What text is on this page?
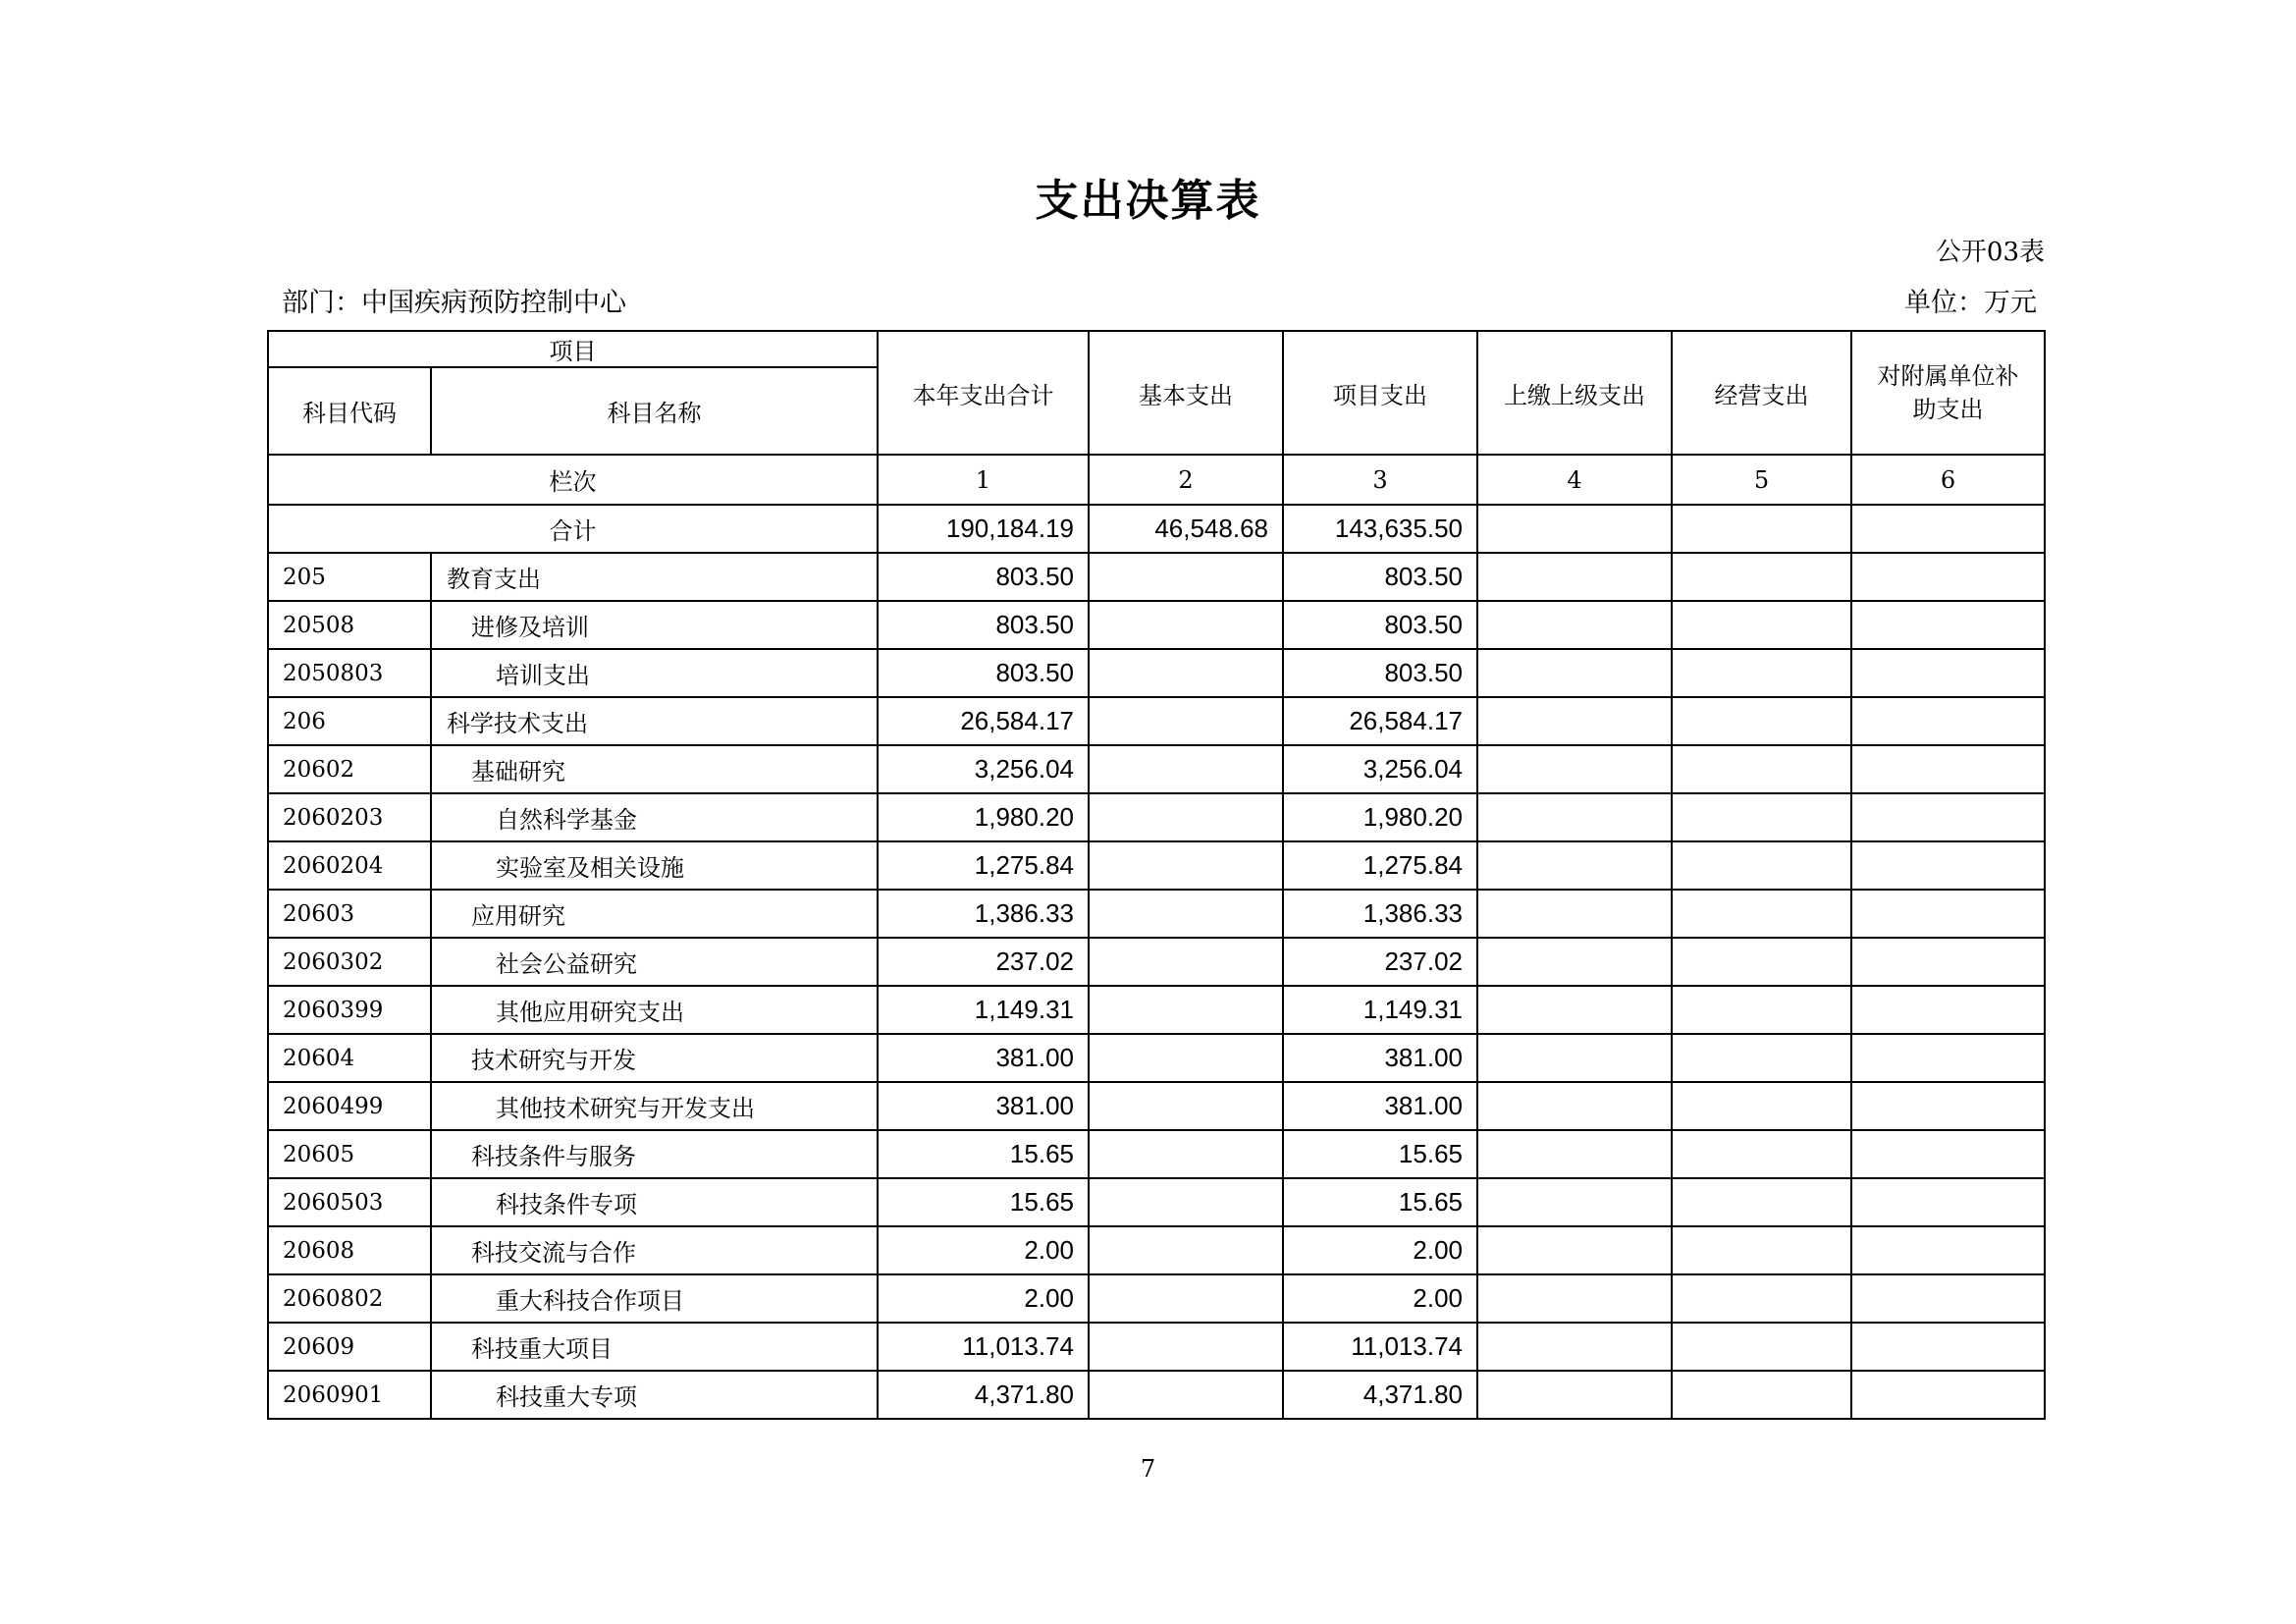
支出决算表
公开03表
部门：中国疾病预防控制中心	单位：万元
项目		本年支出合计	基本支出	项目支出	上缴上级支出	经营支出	对附属单位补
助支出

科目代码	科目名称						
栏次		1	2	3	4	5	6
合计		190,184.19	46,548.68	143,635.50			
205	教育支出	803.50		803.50			
20508	进修及培训	803.50		803.50			
2050803	培训支出	803.50		803.50			
206	科学技术支出	26,584.17		26,584.17			
20602	基础研究	3,256.04		3,256.04			
2060203	自然科学基金	1,980.20		1,980.20			
2060204	实验室及相关设施	1,275.84		1,275.84			
20603	应用研究	1,386.33		1,386.33			
2060302	社会公益研究	237.02		237.02			
2060399	其他应用研究支出	1,149.31		1,149.31			
20604	技术研究与开发	381.00		381.00			
2060499	其他技术研究与开发支出	381.00		381.00			
20605	科技条件与服务	15.65		15.65			
2060503	科技条件专项	15.65		15.65			
20608	科技交流与合作	2.00		2.00			
2060802	重大科技合作项目	2.00		2.00			
20609	科技重大项目	11,013.74		11,013.74			
2060901	科技重大专项	4,371.80		4,371.80			
7
